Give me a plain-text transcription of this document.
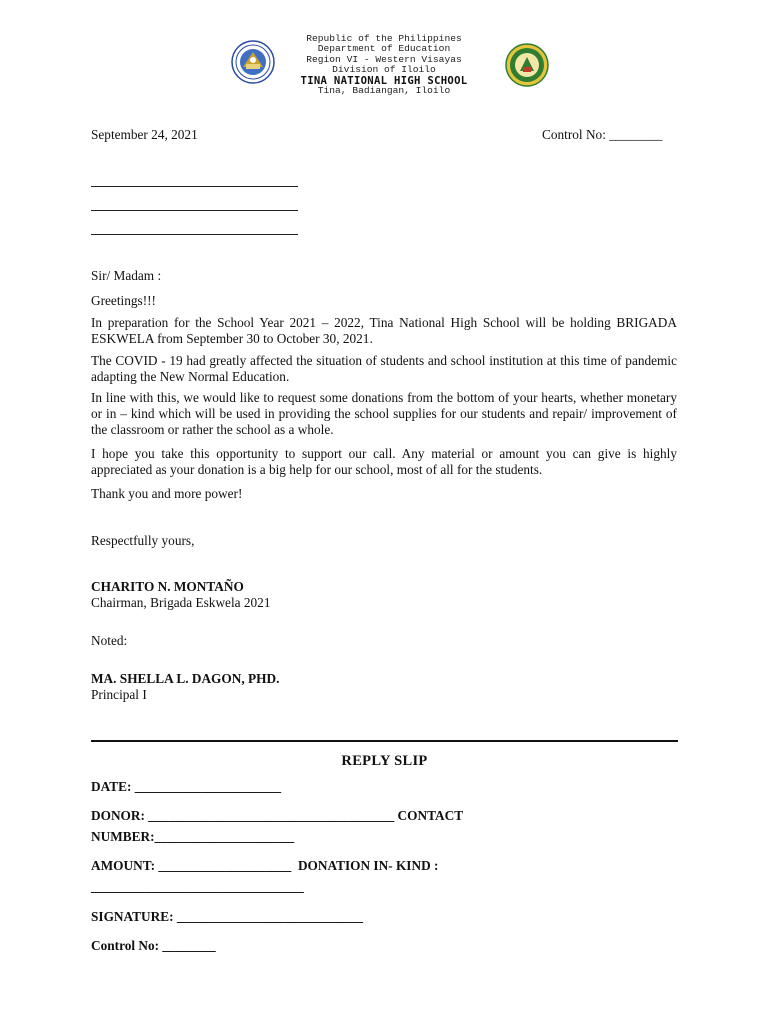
Republic of the Philippines
Department of Education
Region VI - Western Visayas
Division of Iloilo
TINA NATIONAL HIGH SCHOOL
Tina, Badiangan, Iloilo
September 24, 2021	Control No: ________
Sir/ Madam :
Greetings!!!

In preparation for the School Year 2021 – 2022, Tina National High School will be holding BRIGADA ESKWELA from September 30 to October 30, 2021.

The COVID - 19 had greatly affected the situation of students and school institution at this time of pandemic adapting the New Normal Education.

In line with this, we would like to request some donations from the bottom of your hearts, whether monetary or in – kind which will be used in providing the school supplies for our students and repair/ improvement of the classroom or rather the school as a whole.

I hope you take this opportunity to support our call. Any material or amount you can give is highly appreciated as your donation is a big help for our school, most of all for the students.

Thank you and more power!
Respectfully yours,
CHARITO N. MONTAÑO
Chairman, Brigada Eskwela 2021
Noted:
MA. SHELLA L. DAGON, PHD.
Principal I
REPLY SLIP
DATE: ______________________
DONOR: _____________________________________ CONTACT
NUMBER:_____________________
AMOUNT: ____________________  DONATION IN- KIND :
________________________________
SIGNATURE: ____________________________
Control No: ________
